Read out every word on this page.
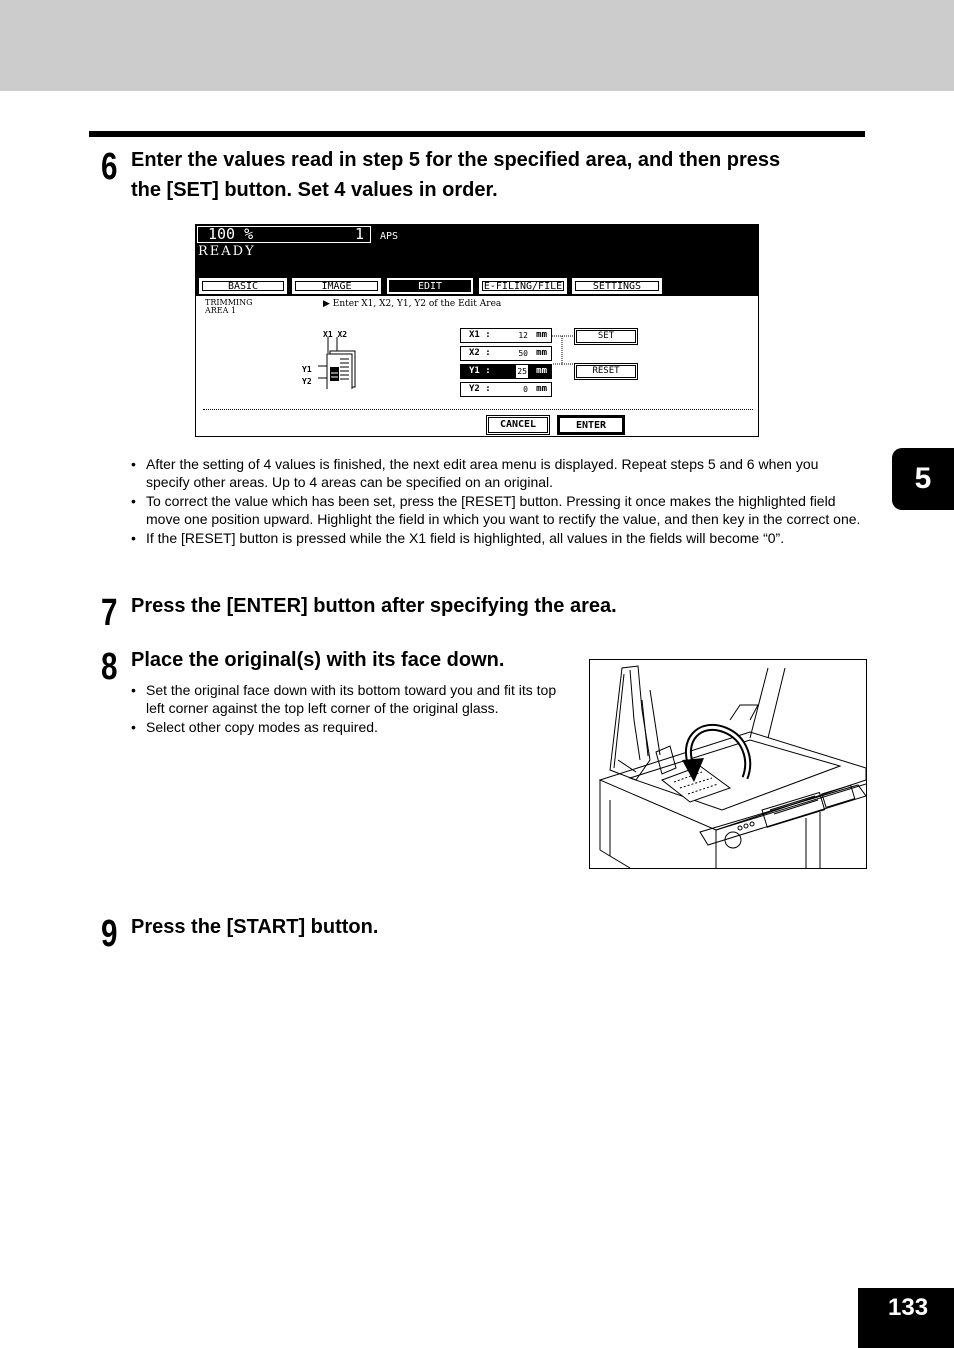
6 Enter the values read in step 5 for the specified area, and then press
the [SET] button. Set 4 values in order.
100 %	1 APS
READY
BASIC	IMAGE	EDIT	E-FILING/FILE	SETTINGS
TRIMMING
AREA 1
▶ Enter X1, X2, Y1, Y2 of the Edit Area
X1 X2
Y1
Y2
X1 :	12 mm
X2 :	50 mm
Y1 :	25 mm
Y2 :	0 mm
SET
RESET
CANCEL	ENTER
• After the setting of 4 values is finished, the next edit area menu is displayed. Repeat steps 5 and 6 when you specify other areas. Up to 4 areas can be specified on an original.
• To correct the value which has been set, press the [RESET] button. Pressing it once makes the highlighted field move one position upward. Highlight the field in which you want to rectify the value, and then key in the correct one.
• If the [RESET] button is pressed while the X1 field is highlighted, all values in the fields will become “0”.
7 Press the [ENTER] button after specifying the area.
8 Place the original(s) with its face down.
• Set the original face down with its bottom toward you and fit its top left corner against the top left corner of the original glass.
• Select other copy modes as required.
9 Press the [START] button.
5
133
